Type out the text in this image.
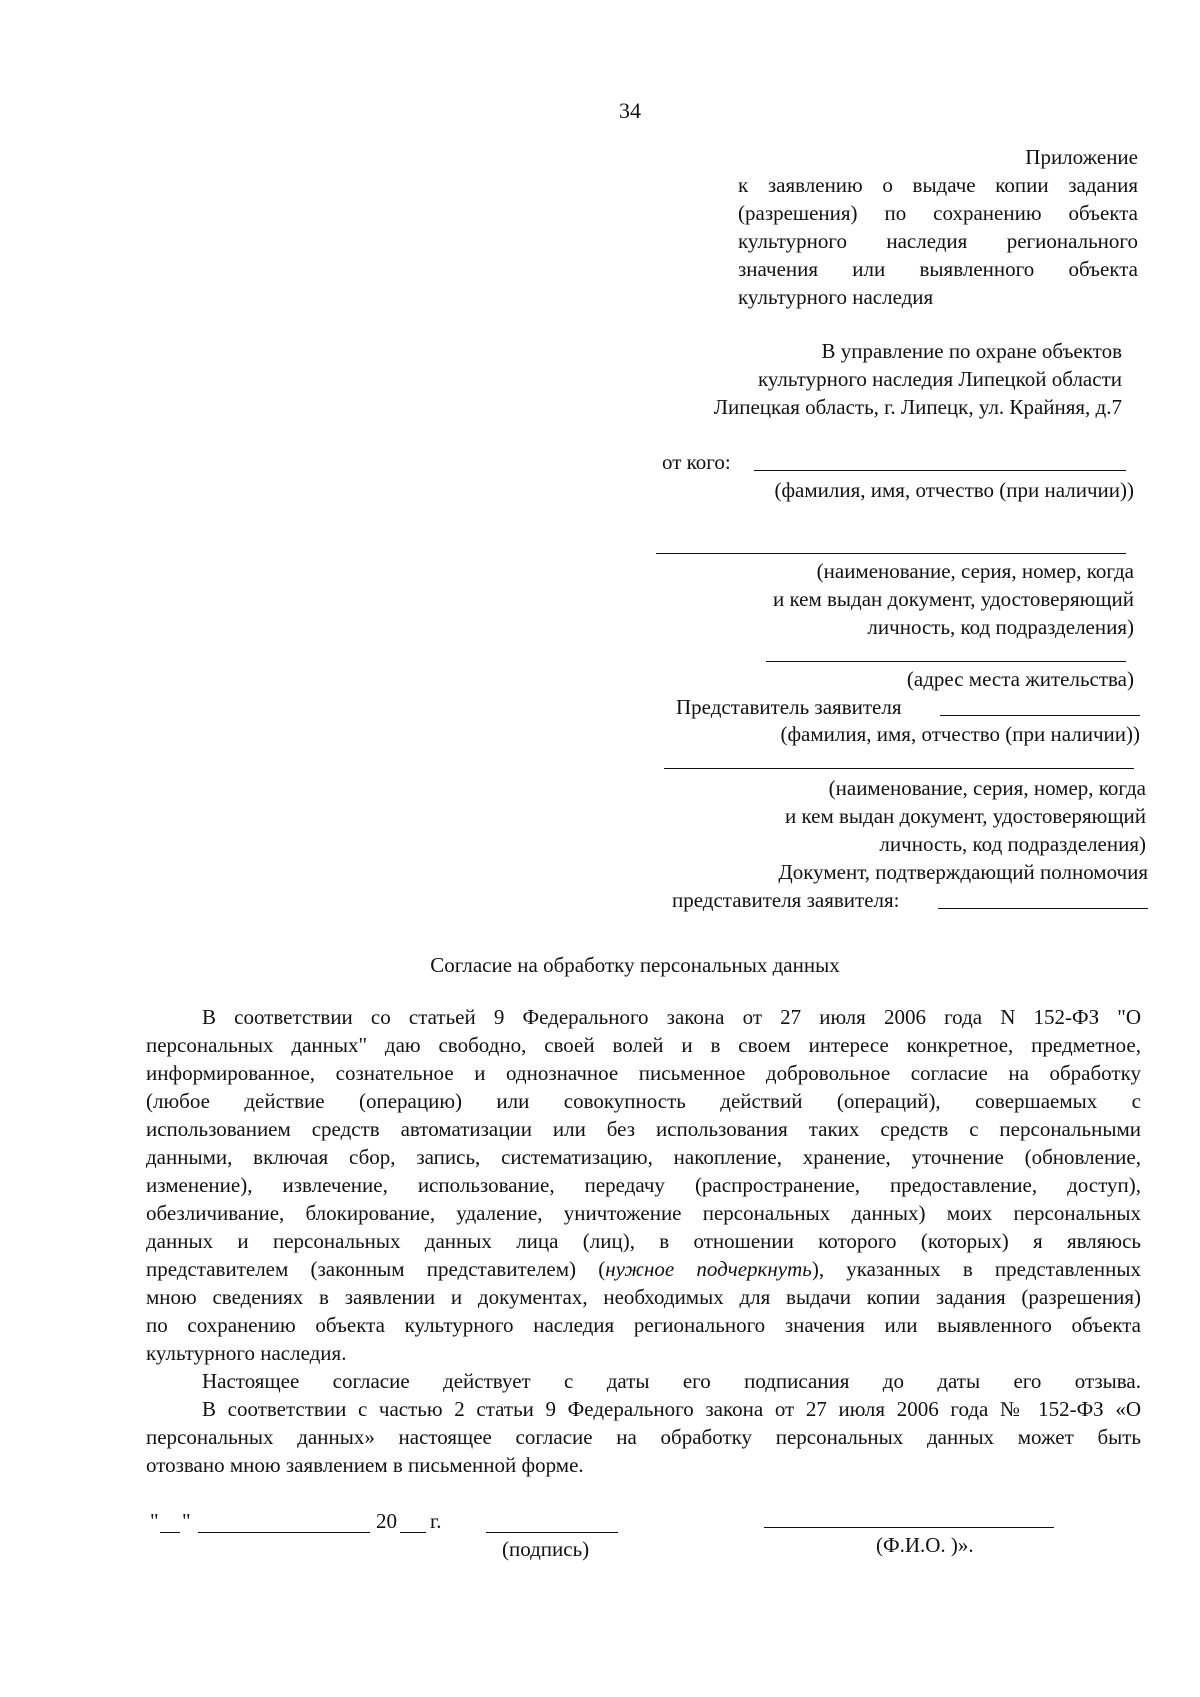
34
Приложение
к заявлению о выдаче копии задания
(разрешения) по сохранению объекта
культурного наследия регионального
значения или выявленного объекта
культурного наследия
В управление по охране объектов
культурного наследия Липецкой области
Липецкая область, г. Липецк, ул. Крайняя, д.7
от кого:
(фамилия, имя, отчество (при наличии))
(наименование, серия, номер, когда
и кем выдан документ, удостоверяющий
личность, код подразделения)
(адрес места жительства)
Представитель заявителя
(фамилия, имя, отчество (при наличии))
(наименование, серия, номер, когда
и кем выдан документ, удостоверяющий
личность, код подразделения)
Документ, подтверждающий полномочия
представителя заявителя:
Согласие на обработку персональных данных
В соответствии со статьей 9 Федерального закона от 27 июля 2006 года N 152-ФЗ "О
персональных данных" даю свободно, своей волей и в своем интересе конкретное, предметное,
информированное, сознательное и однозначное письменное добровольное согласие на обработку
(любое действие (операцию) или совокупность действий (операций), совершаемых с
использованием средств автоматизации или без использования таких средств с персональными
данными, включая сбор, запись, систематизацию, накопление, хранение, уточнение (обновление,
изменение), извлечение, использование, передачу (распространение, предоставление, доступ),
обезличивание, блокирование, удаление, уничтожение персональных данных) моих персональных
данных и персональных данных лица (лиц), в отношении которого (которых) я являюсь
представителем (законным представителем) (нужное подчеркнуть), указанных в представленных
мною сведениях в заявлении и документах, необходимых для выдачи копии задания (разрешения)
по сохранению объекта культурного наследия регионального значения или выявленного объекта
культурного наследия.
Настоящее согласие действует с даты его подписания до даты его отзыва.
В соответствии с частью 2 статьи 9 Федерального закона от 27 июля 2006 года № 152-ФЗ «О
персональных данных» настоящее согласие на обработку персональных данных может быть
отозвано мною заявлением в письменной форме.
" "	20 г.
(подпись)	(Ф.И.О. )».
